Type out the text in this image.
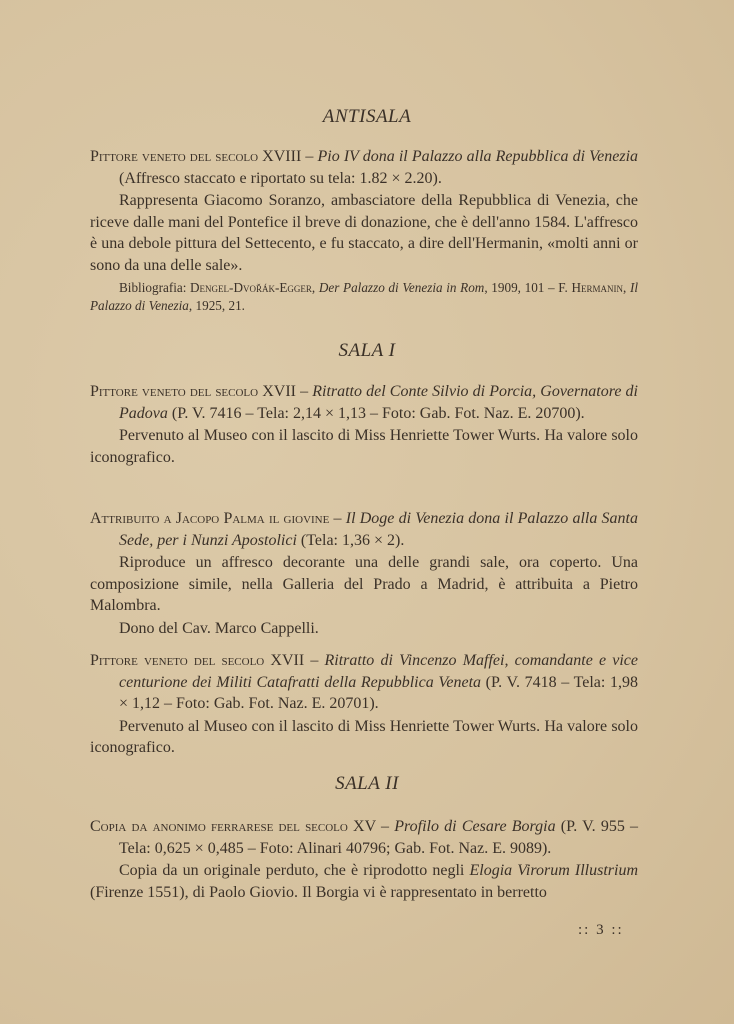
ANTISALA

Pittore veneto del secolo XVIII – Pio IV dona il Palazzo alla Repubblica di Venezia (Affresco staccato e riportato su tela: 1.82 × 2.20).

Rappresenta Giacomo Soranzo, ambasciatore della Repubblica di Venezia, che riceve dalle mani del Pontefice il breve di donazione, che è dell'anno 1584. L'affresco è una debole pittura del Settecento, e fu staccato, a dire dell'Hermanin, «molti anni or sono da una delle sale».

Bibliografia: Dengel-Dvořák-Egger, Der Palazzo di Venezia in Rom, 1909, 101 – F. Hermanin, Il Palazzo di Venezia, 1925, 21.

SALA I

Pittore veneto del secolo XVII – Ritratto del Conte Silvio di Porcia, Governatore di Padova (P. V. 7416 – Tela: 2,14 × 1,13 – Foto: Gab. Fot. Naz. E. 20700).

Pervenuto al Museo con il lascito di Miss Henriette Tower Wurts. Ha valore solo iconografico.

Attribuito a Jacopo Palma il giovine – Il Doge di Venezia dona il Palazzo alla Santa Sede, per i Nunzi Apostolici (Tela: 1,36 × 2).

Riproduce un affresco decorante una delle grandi sale, ora coperto. Una composizione simile, nella Galleria del Prado a Madrid, è attribuita a Pietro Malombra.

Dono del Cav. Marco Cappelli.

Pittore veneto del secolo XVII – Ritratto di Vincenzo Maffei, comandante e vice centurione dei Militi Catafratti della Repubblica Veneta (P. V. 7418 – Tela: 1,98 × 1,12 – Foto: Gab. Fot. Naz. E. 20701).

Pervenuto al Museo con il lascito di Miss Henriette Tower Wurts. Ha valore solo iconografico.

SALA II

Copia da anonimo ferrarese del secolo XV – Profilo di Cesare Borgia (P. V. 955 – Tela: 0,625 × 0,485 – Foto: Alinari 40796; Gab. Fot. Naz. E. 9089).

Copia da un originale perduto, che è riprodotto negli Elogia Virorum Illustrium (Firenze 1551), di Paolo Giovio. Il Borgia vi è rappresentato in berretto

:: 3 ::
